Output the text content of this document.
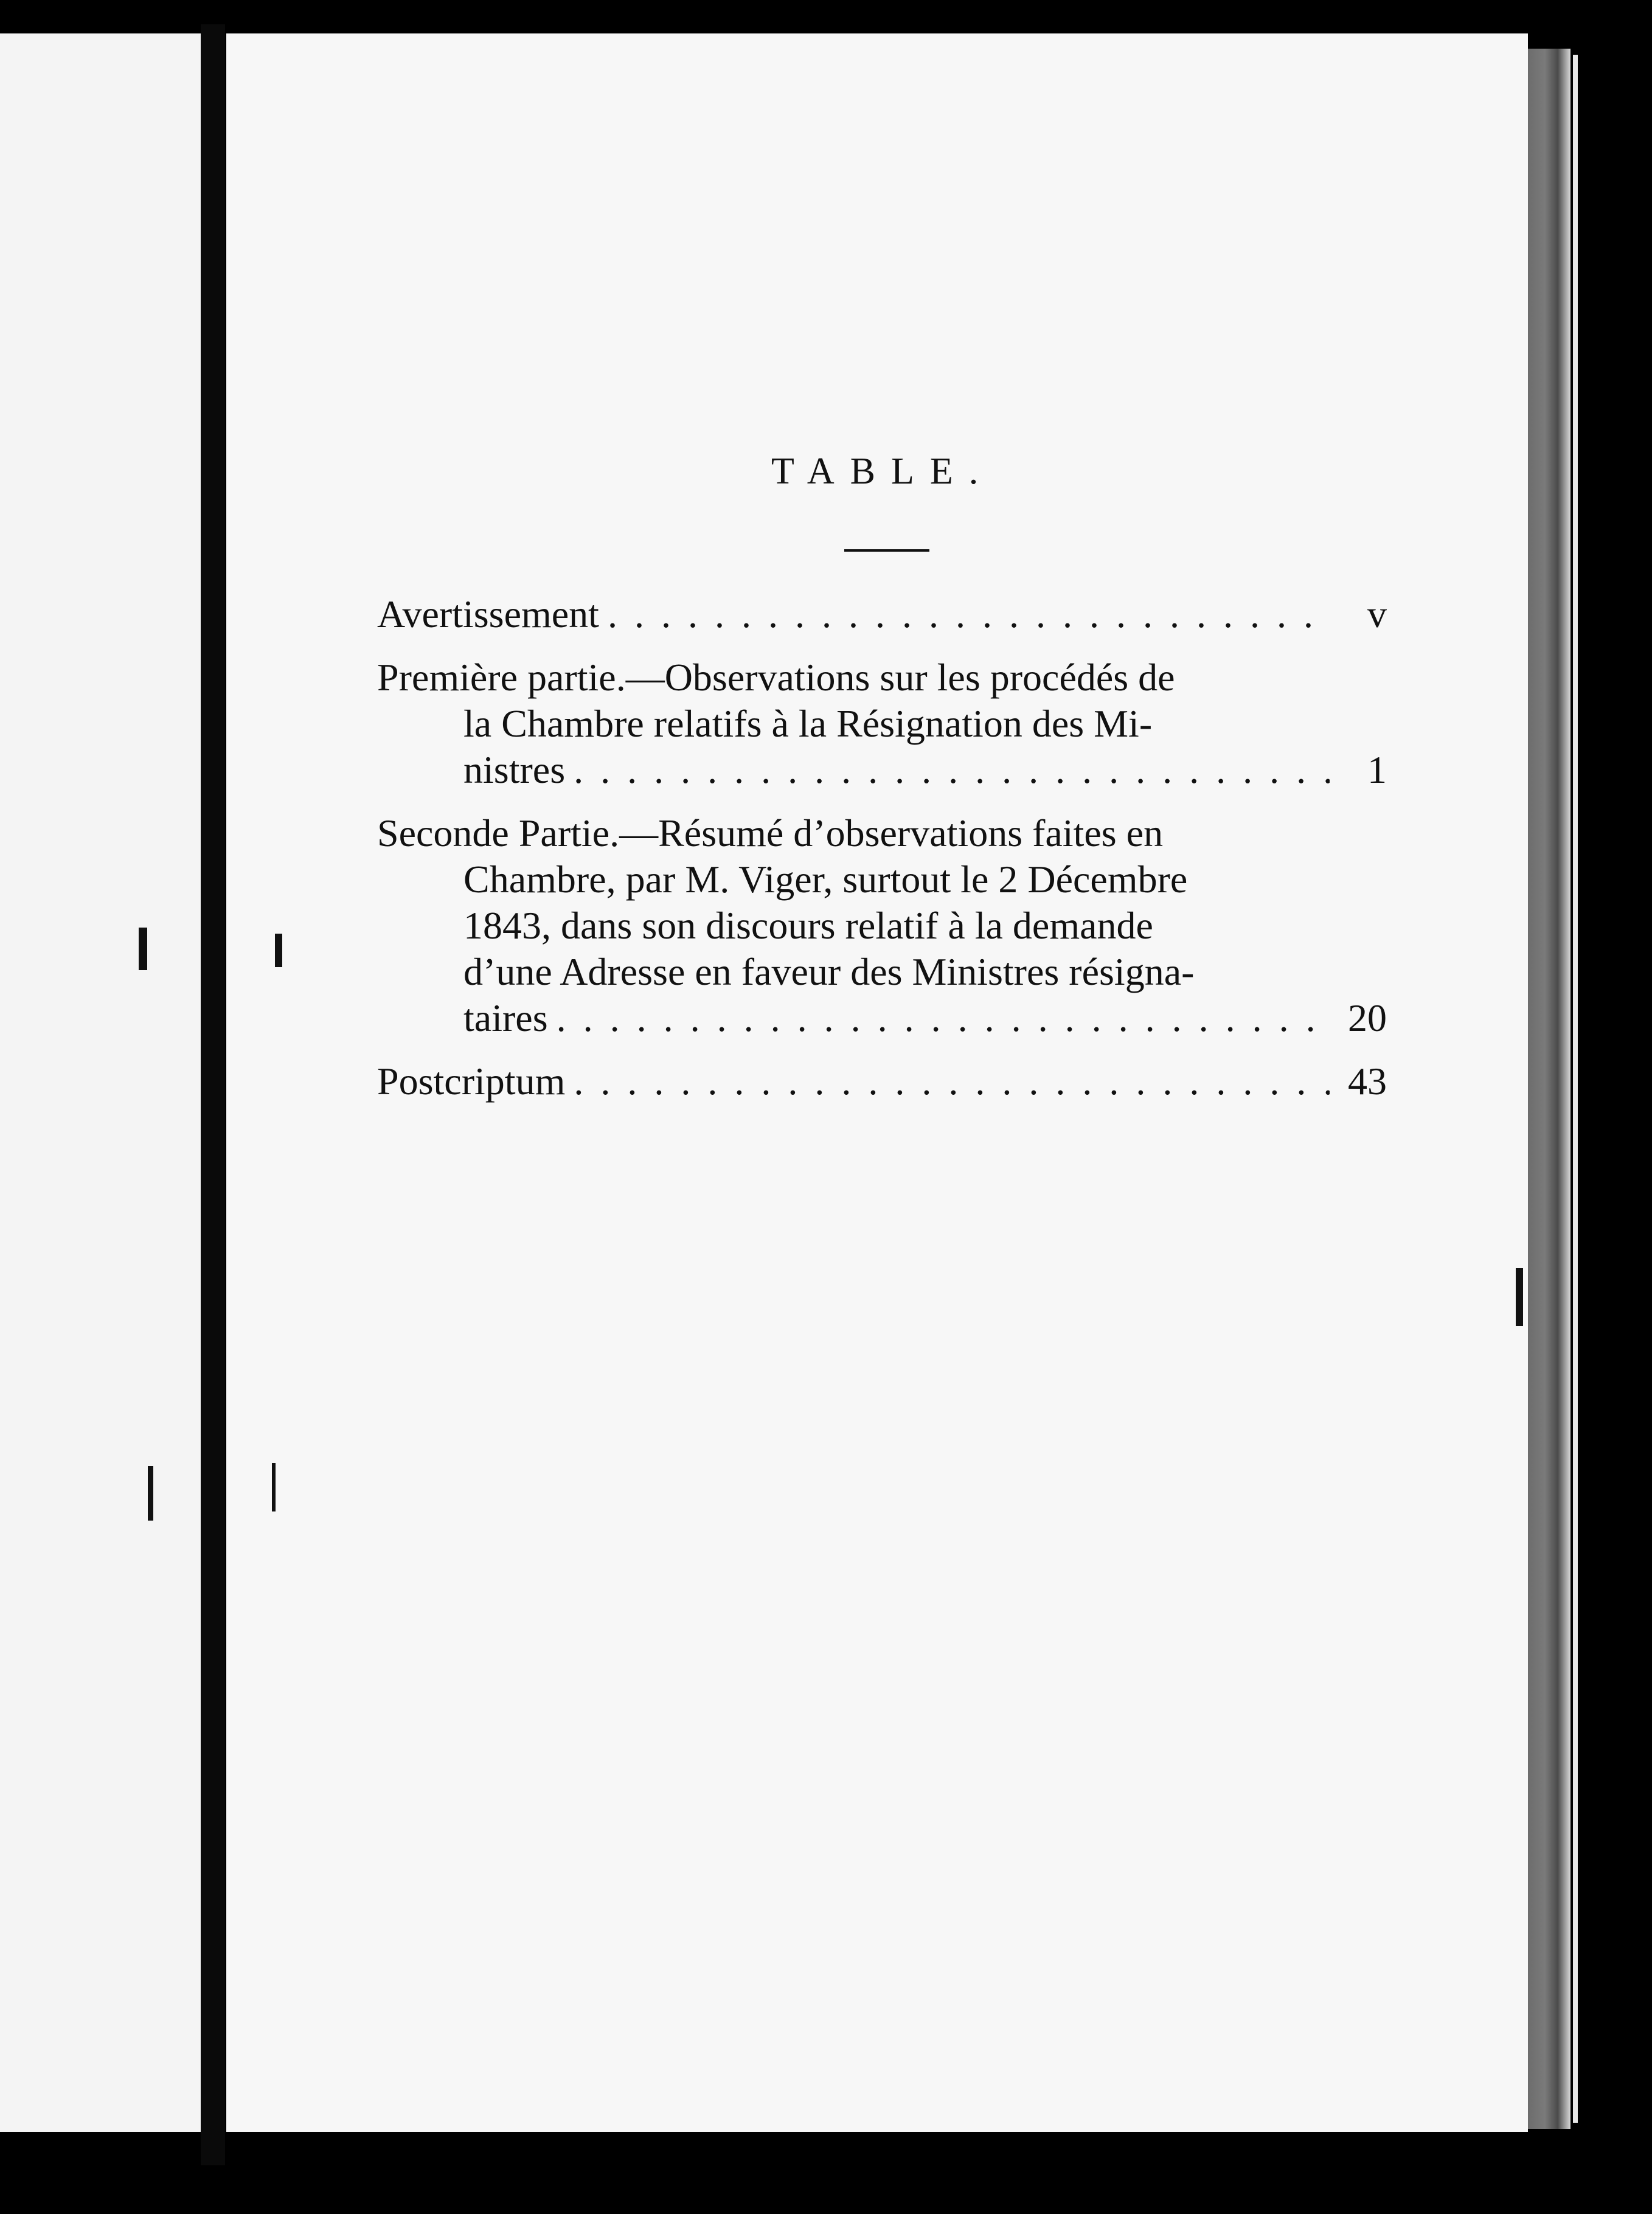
TABLE.
Avertissement . . .	v
Première partie.—Observations sur les procédés de
la Chambre relatifs à la Résignation des Mi-
nistres . . .	1
Seconde Partie.—Résumé d’observations faites en
Chambre, par M. Viger, surtout le 2 Décembre
1843, dans son discours relatif à la demande
d’une Adresse en faveur des Ministres résigna-
taires . . .	20
Postcriptum . . .	43
